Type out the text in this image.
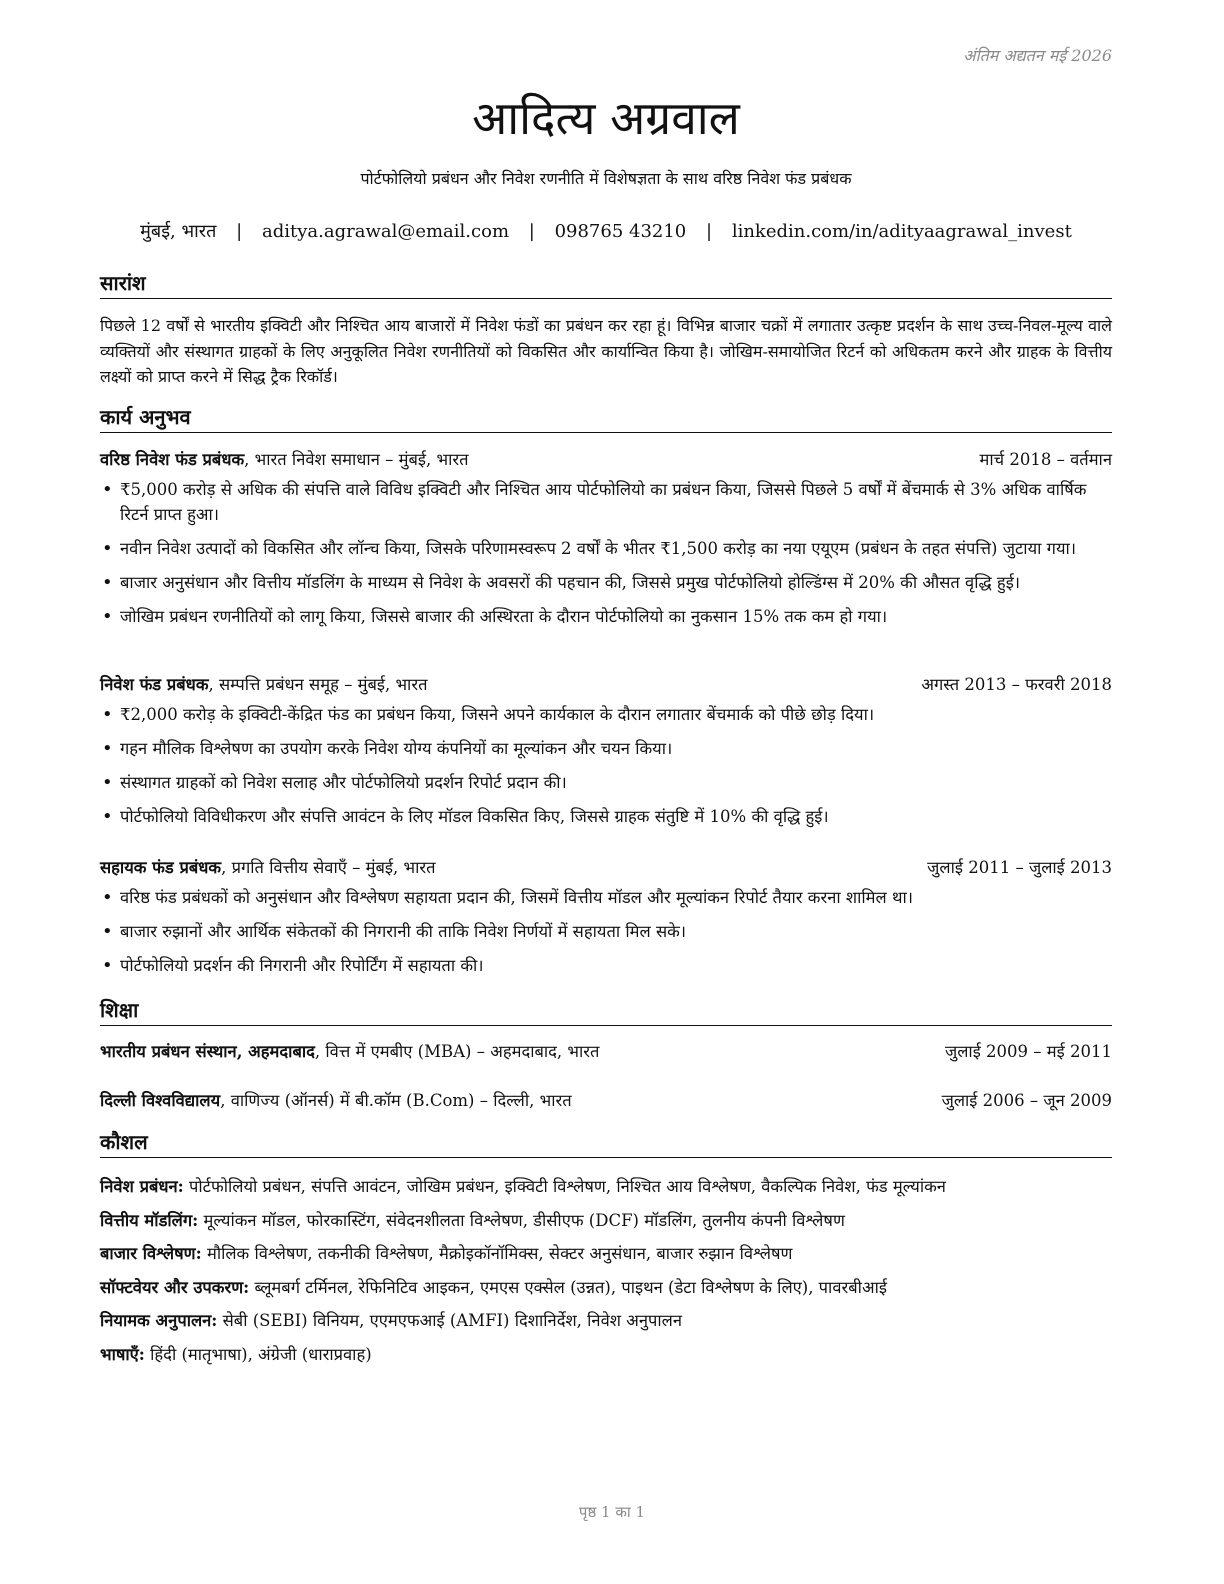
अंतिम अद्यतन मई 2026
आदित्य अग्रवाल
पोर्टफोलियो प्रबंधन और निवेश रणनीति में विशेषज्ञता के साथ वरिष्ठ निवेश फंड प्रबंधक
मुंबई, भारत | aditya.agrawal@email.com | 098765 43210 | linkedin.com/in/adityaagrawal_invest
सारांश

पिछले 12 वर्षों से भारतीय इक्विटी और निश्चित आय बाजारों में निवेश फंडों का प्रबंधन कर रहा हूं। विभिन्न बाजार चक्रों में लगातार उत्कृष्ट प्रदर्शन के साथ उच्च-निवल-मूल्य वाले व्यक्तियों और संस्थागत ग्राहकों के लिए अनुकूलित निवेश रणनीतियों को विकसित और कार्यान्वित किया है। जोखिम-समायोजित रिटर्न को अधिकतम करने और ग्राहक के वित्तीय लक्ष्यों को प्राप्त करने में सिद्ध ट्रैक रिकॉर्ड।

कार्य अनुभव
वरिष्ठ निवेश फंड प्रबंधक, भारत निवेश समाधान – मुंबई, भारत	मार्च 2018 – वर्तमान
• ₹5,000 करोड़ से अधिक की संपत्ति वाले विविध इक्विटी और निश्चित आय पोर्टफोलियो का प्रबंधन किया, जिससे पिछले 5 वर्षों में बेंचमार्क से 3% अधिक वार्षिक रिटर्न प्राप्त हुआ।
• नवीन निवेश उत्पादों को विकसित और लॉन्च किया, जिसके परिणामस्वरूप 2 वर्षों के भीतर ₹1,500 करोड़ का नया एयूएम (प्रबंधन के तहत संपत्ति) जुटाया गया।
• बाजार अनुसंधान और वित्तीय मॉडलिंग के माध्यम से निवेश के अवसरों की पहचान की, जिससे प्रमुख पोर्टफोलियो होल्डिंग्स में 20% की औसत वृद्धि हुई।
• जोखिम प्रबंधन रणनीतियों को लागू किया, जिससे बाजार की अस्थिरता के दौरान पोर्टफोलियो का नुकसान 15% तक कम हो गया।
निवेश फंड प्रबंधक, सम्पत्ति प्रबंधन समूह – मुंबई, भारत	अगस्त 2013 – फरवरी 2018
• ₹2,000 करोड़ के इक्विटी-केंद्रित फंड का प्रबंधन किया, जिसने अपने कार्यकाल के दौरान लगातार बेंचमार्क को पीछे छोड़ दिया।
• गहन मौलिक विश्लेषण का उपयोग करके निवेश योग्य कंपनियों का मूल्यांकन और चयन किया।
• संस्थागत ग्राहकों को निवेश सलाह और पोर्टफोलियो प्रदर्शन रिपोर्ट प्रदान की।
• पोर्टफोलियो विविधीकरण और संपत्ति आवंटन के लिए मॉडल विकसित किए, जिससे ग्राहक संतुष्टि में 10% की वृद्धि हुई।
सहायक फंड प्रबंधक, प्रगति वित्तीय सेवाएँ – मुंबई, भारत	जुलाई 2011 – जुलाई 2013
• वरिष्ठ फंड प्रबंधकों को अनुसंधान और विश्लेषण सहायता प्रदान की, जिसमें वित्तीय मॉडल और मूल्यांकन रिपोर्ट तैयार करना शामिल था।
• बाजार रुझानों और आर्थिक संकेतकों की निगरानी की ताकि निवेश निर्णयों में सहायता मिल सके।
• पोर्टफोलियो प्रदर्शन की निगरानी और रिपोर्टिंग में सहायता की।
शिक्षा
भारतीय प्रबंधन संस्थान, अहमदाबाद, वित्त में एमबीए (MBA) – अहमदाबाद, भारत	जुलाई 2009 – मई 2011
दिल्ली विश्वविद्यालय, वाणिज्य (ऑनर्स) में बी.कॉम (B.Com) – दिल्ली, भारत	जुलाई 2006 – जून 2009
कौशल
निवेश प्रबंधन: पोर्टफोलियो प्रबंधन, संपत्ति आवंटन, जोखिम प्रबंधन, इक्विटी विश्लेषण, निश्चित आय विश्लेषण, वैकल्पिक निवेश, फंड मूल्यांकन
वित्तीय मॉडलिंग: मूल्यांकन मॉडल, फोरकास्टिंग, संवेदनशीलता विश्लेषण, डीसीएफ (DCF) मॉडलिंग, तुलनीय कंपनी विश्लेषण
बाजार विश्लेषण: मौलिक विश्लेषण, तकनीकी विश्लेषण, मैक्रोइकॉनॉमिक्स, सेक्टर अनुसंधान, बाजार रुझान विश्लेषण
सॉफ्टवेयर और उपकरण: ब्लूमबर्ग टर्मिनल, रेफिनिटिव आइकन, एमएस एक्सेल (उन्नत), पाइथन (डेटा विश्लेषण के लिए), पावरबीआई
नियामक अनुपालन: सेबी (SEBI) विनियम, एएमएफआई (AMFI) दिशानिर्देश, निवेश अनुपालन
भाषाएँ: हिंदी (मातृभाषा), अंग्रेजी (धाराप्रवाह)
पृष्ठ 1 का 1
